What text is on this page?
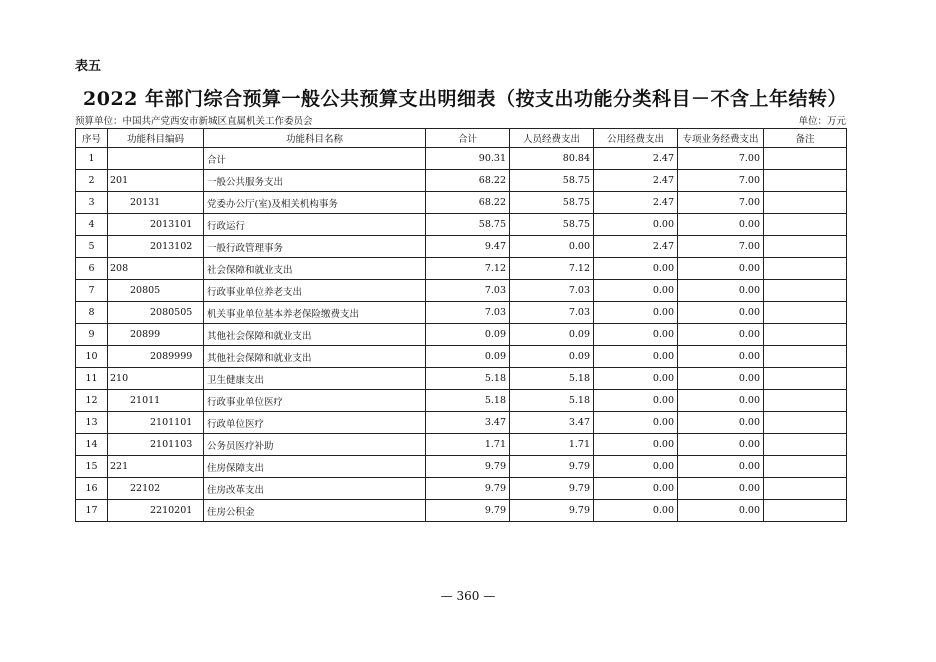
表五
2022 年部门综合预算一般公共预算支出明细表（按支出功能分类科目－不含上年结转）
预算单位：中国共产党西安市新城区直属机关工作委员会	单位：万元
序号	功能科目编码	功能科目名称	合计	人员经费支出	公用经费支出	专项业务经费支出	备注
1		合计	90.31	80.84	2.47	7.00	
2	201	一般公共服务支出	68.22	58.75	2.47	7.00	
3	20131	党委办公厅(室)及相关机构事务	68.22	58.75	2.47	7.00	
4	2013101	行政运行	58.75	58.75	0.00	0.00	
5	2013102	一般行政管理事务	9.47	0.00	2.47	7.00	
6	208	社会保障和就业支出	7.12	7.12	0.00	0.00	
7	20805	行政事业单位养老支出	7.03	7.03	0.00	0.00	
8	2080505	机关事业单位基本养老保险缴费支出	7.03	7.03	0.00	0.00	
9	20899	其他社会保障和就业支出	0.09	0.09	0.00	0.00	
10	2089999	其他社会保障和就业支出	0.09	0.09	0.00	0.00	
11	210	卫生健康支出	5.18	5.18	0.00	0.00	
12	21011	行政事业单位医疗	5.18	5.18	0.00	0.00	
13	2101101	行政单位医疗	3.47	3.47	0.00	0.00	
14	2101103	公务员医疗补助	1.71	1.71	0.00	0.00	
15	221	住房保障支出	9.79	9.79	0.00	0.00	
16	22102	住房改革支出	9.79	9.79	0.00	0.00	
17	2210201	住房公积金	9.79	9.79	0.00	0.00	
— 360 —
